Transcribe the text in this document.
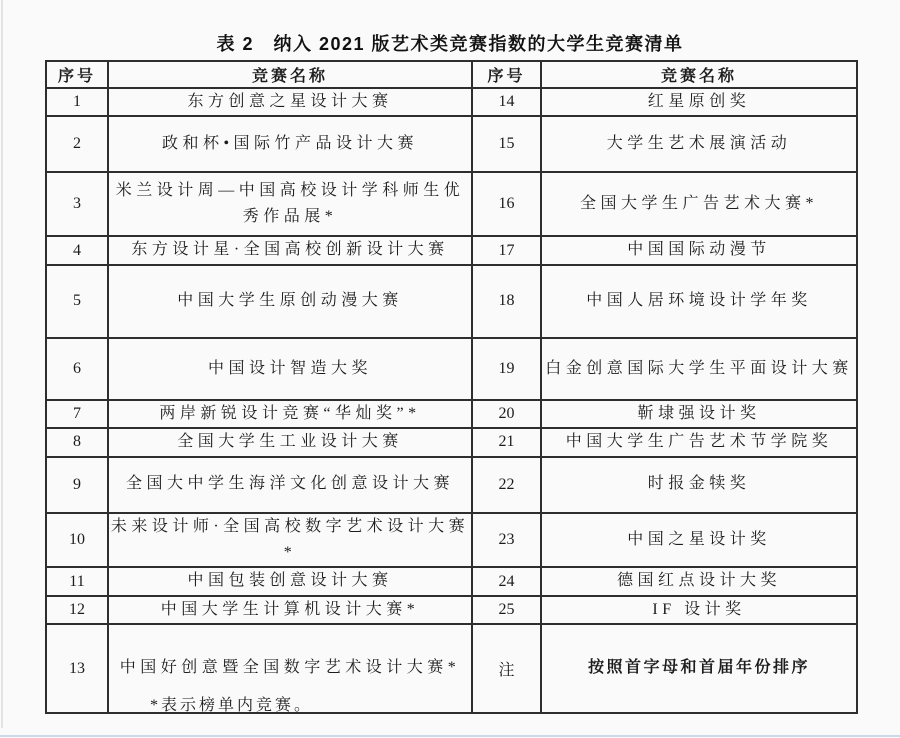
表 2　纳入 2021 版艺术类竞赛指数的大学生竞赛清单
序号	竞赛名称	序号	竞赛名称
1	东方创意之星设计大赛	14	红星原创奖
2	政和杯•国际竹产品设计大赛	15	大学生艺术展演活动
3	米兰设计周—中国高校设计学科师生优秀作品展*	16	全国大学生广告艺术大赛*
4	东方设计星·全国高校创新设计大赛	17	中国国际动漫节
5	中国大学生原创动漫大赛	18	中国人居环境设计学年奖
6	中国设计智造大奖	19	白金创意国际大学生平面设计大赛
7	两岸新锐设计竞赛“华灿奖”*	20	靳埭强设计奖
8	全国大学生工业设计大赛	21	中国大学生广告艺术节学院奖
9	全国大中学生海洋文化创意设计大赛	22	时报金犊奖
10	未来设计师·全国高校数字艺术设计大赛*	23	中国之星设计奖
11	中国包装创意设计大赛	24	德国红点设计大奖
12	中国大学生计算机设计大赛*	25	IF 设计奖
13	中国好创意暨全国数字艺术设计大赛*	注	按照首字母和首届年份排序
*表示榜单内竞赛。
